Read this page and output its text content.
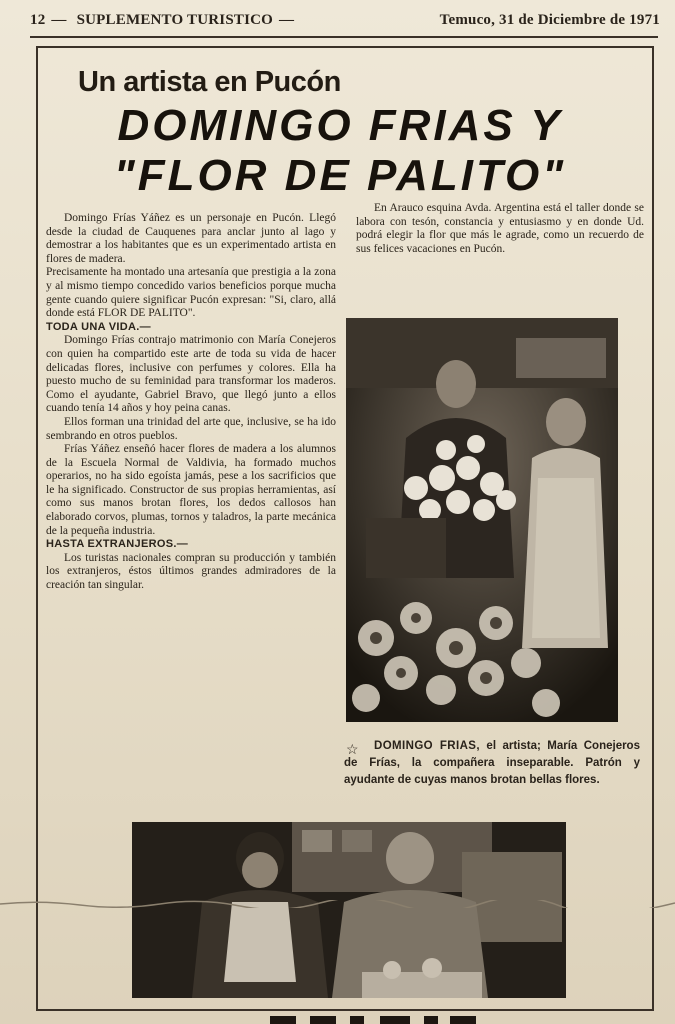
12 — SUPLEMENTO TURISTICO —	Temuco, 31 de Diciembre de 1971
Un artista en Pucón
DOMINGO FRIAS Y
"FLOR DE PALITO"

Domingo Frías Yáñez es un personaje en Pucón. Llegó desde la ciudad de Cauquenes para anclar junto al lago y demostrar a los habitantes que es un experimentado artista en flores de madera.

Precisamente ha montado una artesanía que prestigia a la zona y al mismo tiempo concedido varios beneficios porque mucha gente cuando quiere significar Pucón expresan: "Si, claro, allá donde está FLOR DE PALITO".

TODA UNA VIDA.—

Domingo Frías contrajo matrimonio con María Conejeros con quien ha compartido este arte de toda su vida de hacer delicadas flores, inclusive con perfumes y colores. Ella ha puesto mucho de su feminidad para transformar los maderos. Como el ayudante, Gabriel Bravo, que llegó junto a ellos cuando tenía 14 años y hoy peina canas.

Ellos forman una trinidad del arte que, inclusive, se ha ido sembrando en otros pueblos.

Frías Yáñez enseñó hacer flores de madera a los alumnos de la Escuela Normal de Valdivia, ha formado muchos operarios, no ha sido egoísta jamás, pese a los sacrificios que le ha significado. Constructor de sus propias herramientas, así como sus manos brotan flores, los dedos callosos han elaborado corvos, plumas, tornos y taladros, la parte mecánica de la pequeña industria.

HASTA EXTRANJEROS.—

Los turistas nacionales compran su producción y también los extranjeros, éstos últimos grandes admiradores de la creación tan singular.

En Arauco esquina Avda. Argentina está el taller donde se labora con tesón, constancia y entusiasmo y en donde Ud. podrá elegir la flor que más le agrade, como un recuerdo de sus felices vacaciones en Pucón.

☆	DOMINGO FRIAS, el artista; María Conejeros de Frías, la compañera inseparable. Patrón y ayudante de cuyas manos brotan bellas flores.
